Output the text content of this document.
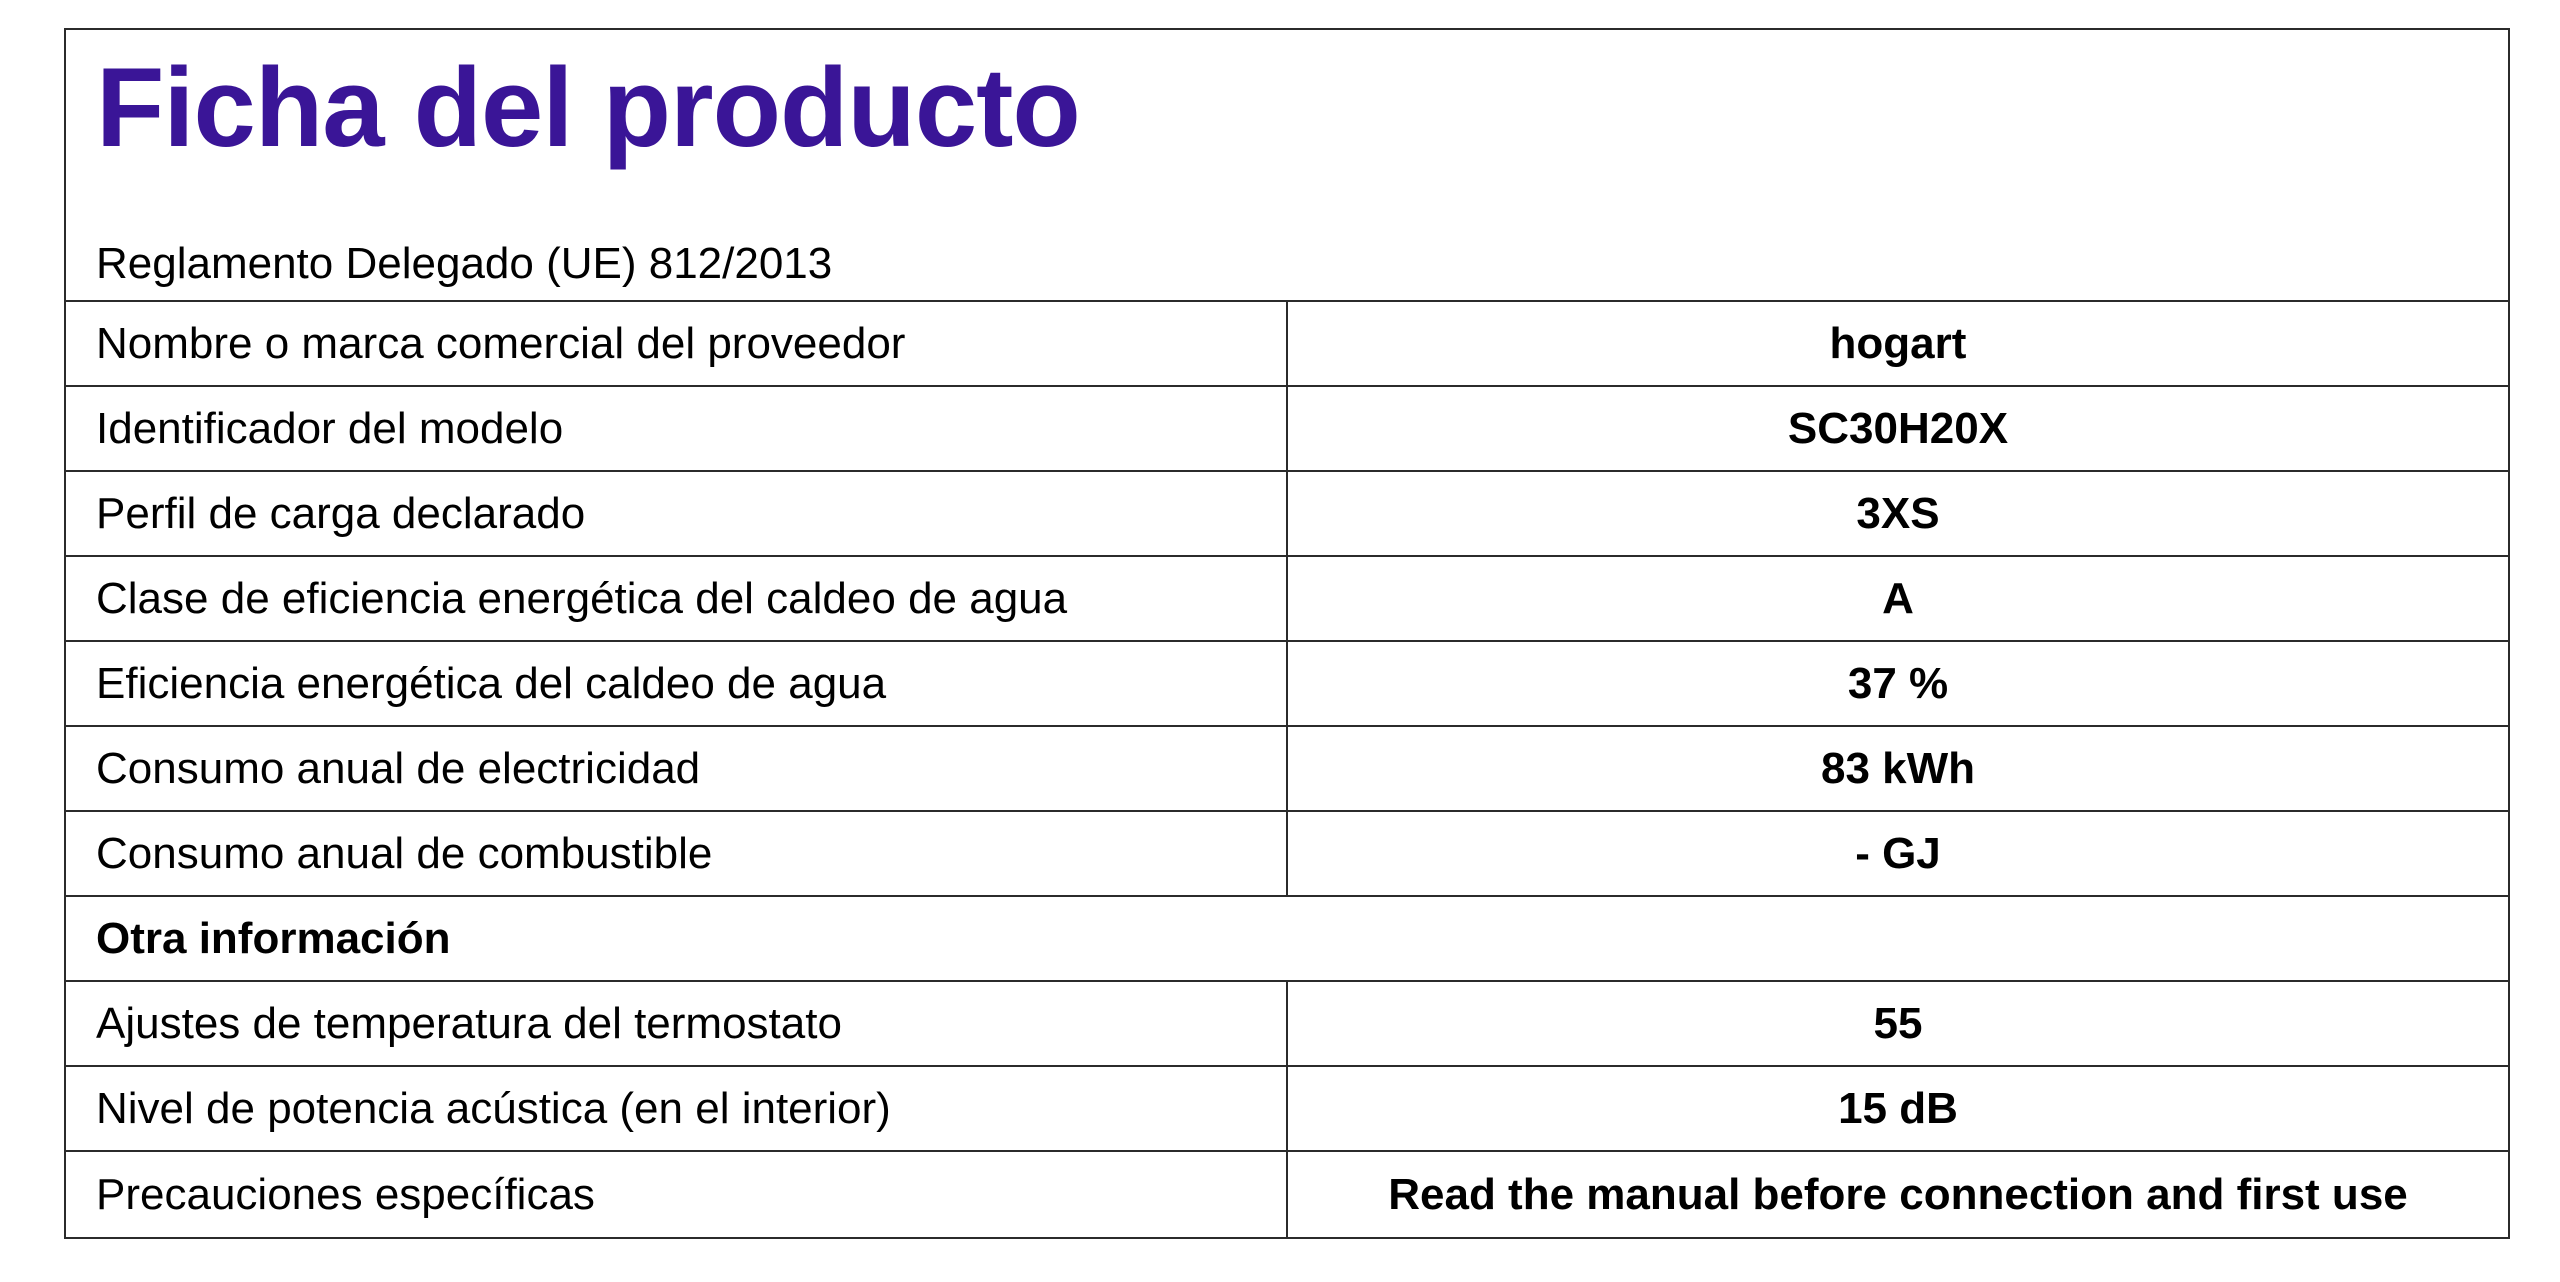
Ficha del producto
Reglamento Delegado (UE) 812/2013
Nombre o marca comercial del proveedor	hogart
Identificador del modelo	SC30H20X
Perfil de carga declarado	3XS
Clase de eficiencia energética del caldeo de agua	A
Eficiencia energética del caldeo de agua	37 %
Consumo anual de electricidad	83 kWh
Consumo anual de combustible	- GJ
Otra información
Ajustes de temperatura del termostato	55
Nivel de potencia acústica (en el interior)	15 dB
Precauciones específicas	Read the manual before connection and first use
